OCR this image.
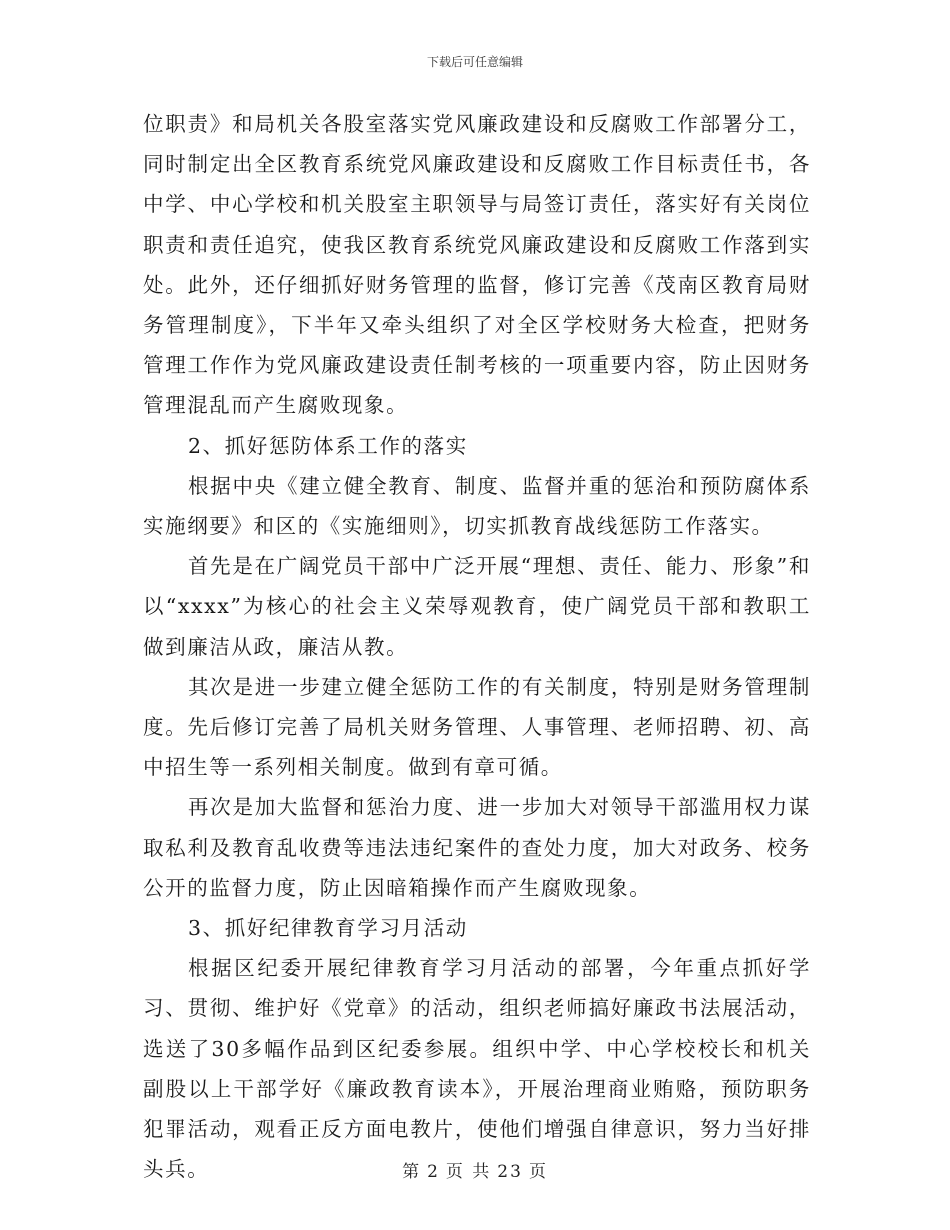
下载后可任意编辑

位职责》和局机关各股室落实党风廉政建设和反腐败工作部署分工，同时制定出全区教育系统党风廉政建设和反腐败工作目标责任书，各中学、中心学校和机关股室主职领导与局签订责任，落实好有关岗位职责和责任追究，使我区教育系统党风廉政建设和反腐败工作落到实处。此外，还仔细抓好财务管理的监督，修订完善《茂南区教育局财务管理制度》，下半年又牵头组织了对全区学校财务大检查，把财务管理工作作为党风廉政建设责任制考核的一项重要内容，防止因财务管理混乱而产生腐败现象。

2、抓好惩防体系工作的落实

根据中央《建立健全教育、制度、监督并重的惩治和预防腐体系实施纲要》和区的《实施细则》，切实抓教育战线惩防工作落实。

首先是在广阔党员干部中广泛开展“理想、责任、能力、形象”和以“xxxx”为核心的社会主义荣辱观教育，使广阔党员干部和教职工做到廉洁从政，廉洁从教。

其次是进一步建立健全惩防工作的有关制度，特别是财务管理制度。先后修订完善了局机关财务管理、人事管理、老师招聘、初、高中招生等一系列相关制度。做到有章可循。

再次是加大监督和惩治力度、进一步加大对领导干部滥用权力谋取私利及教育乱收费等违法违纪案件的查处力度，加大对政务、校务公开的监督力度，防止因暗箱操作而产生腐败现象。

3、抓好纪律教育学习月活动

根据区纪委开展纪律教育学习月活动的部署，今年重点抓好学习、贯彻、维护好《党章》的活动，组织老师搞好廉政书法展活动，选送了30多幅作品到区纪委参展。组织中学、中心学校校长和机关副股以上干部学好《廉政教育读本》，开展治理商业贿赂，预防职务犯罪活动，观看正反方面电教片，使他们增强自律意识，努力当好排头兵。	第 2 页 共 23 页
